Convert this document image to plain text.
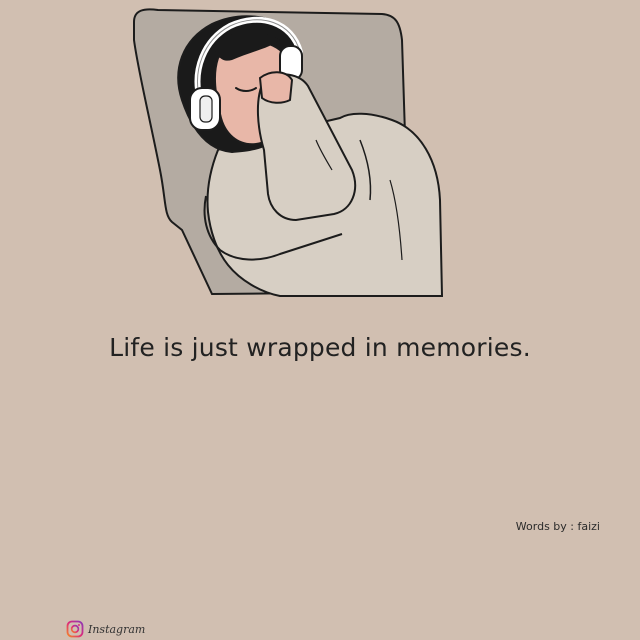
Life is just wrapped in memories.
Words by : faizi
Instagram
